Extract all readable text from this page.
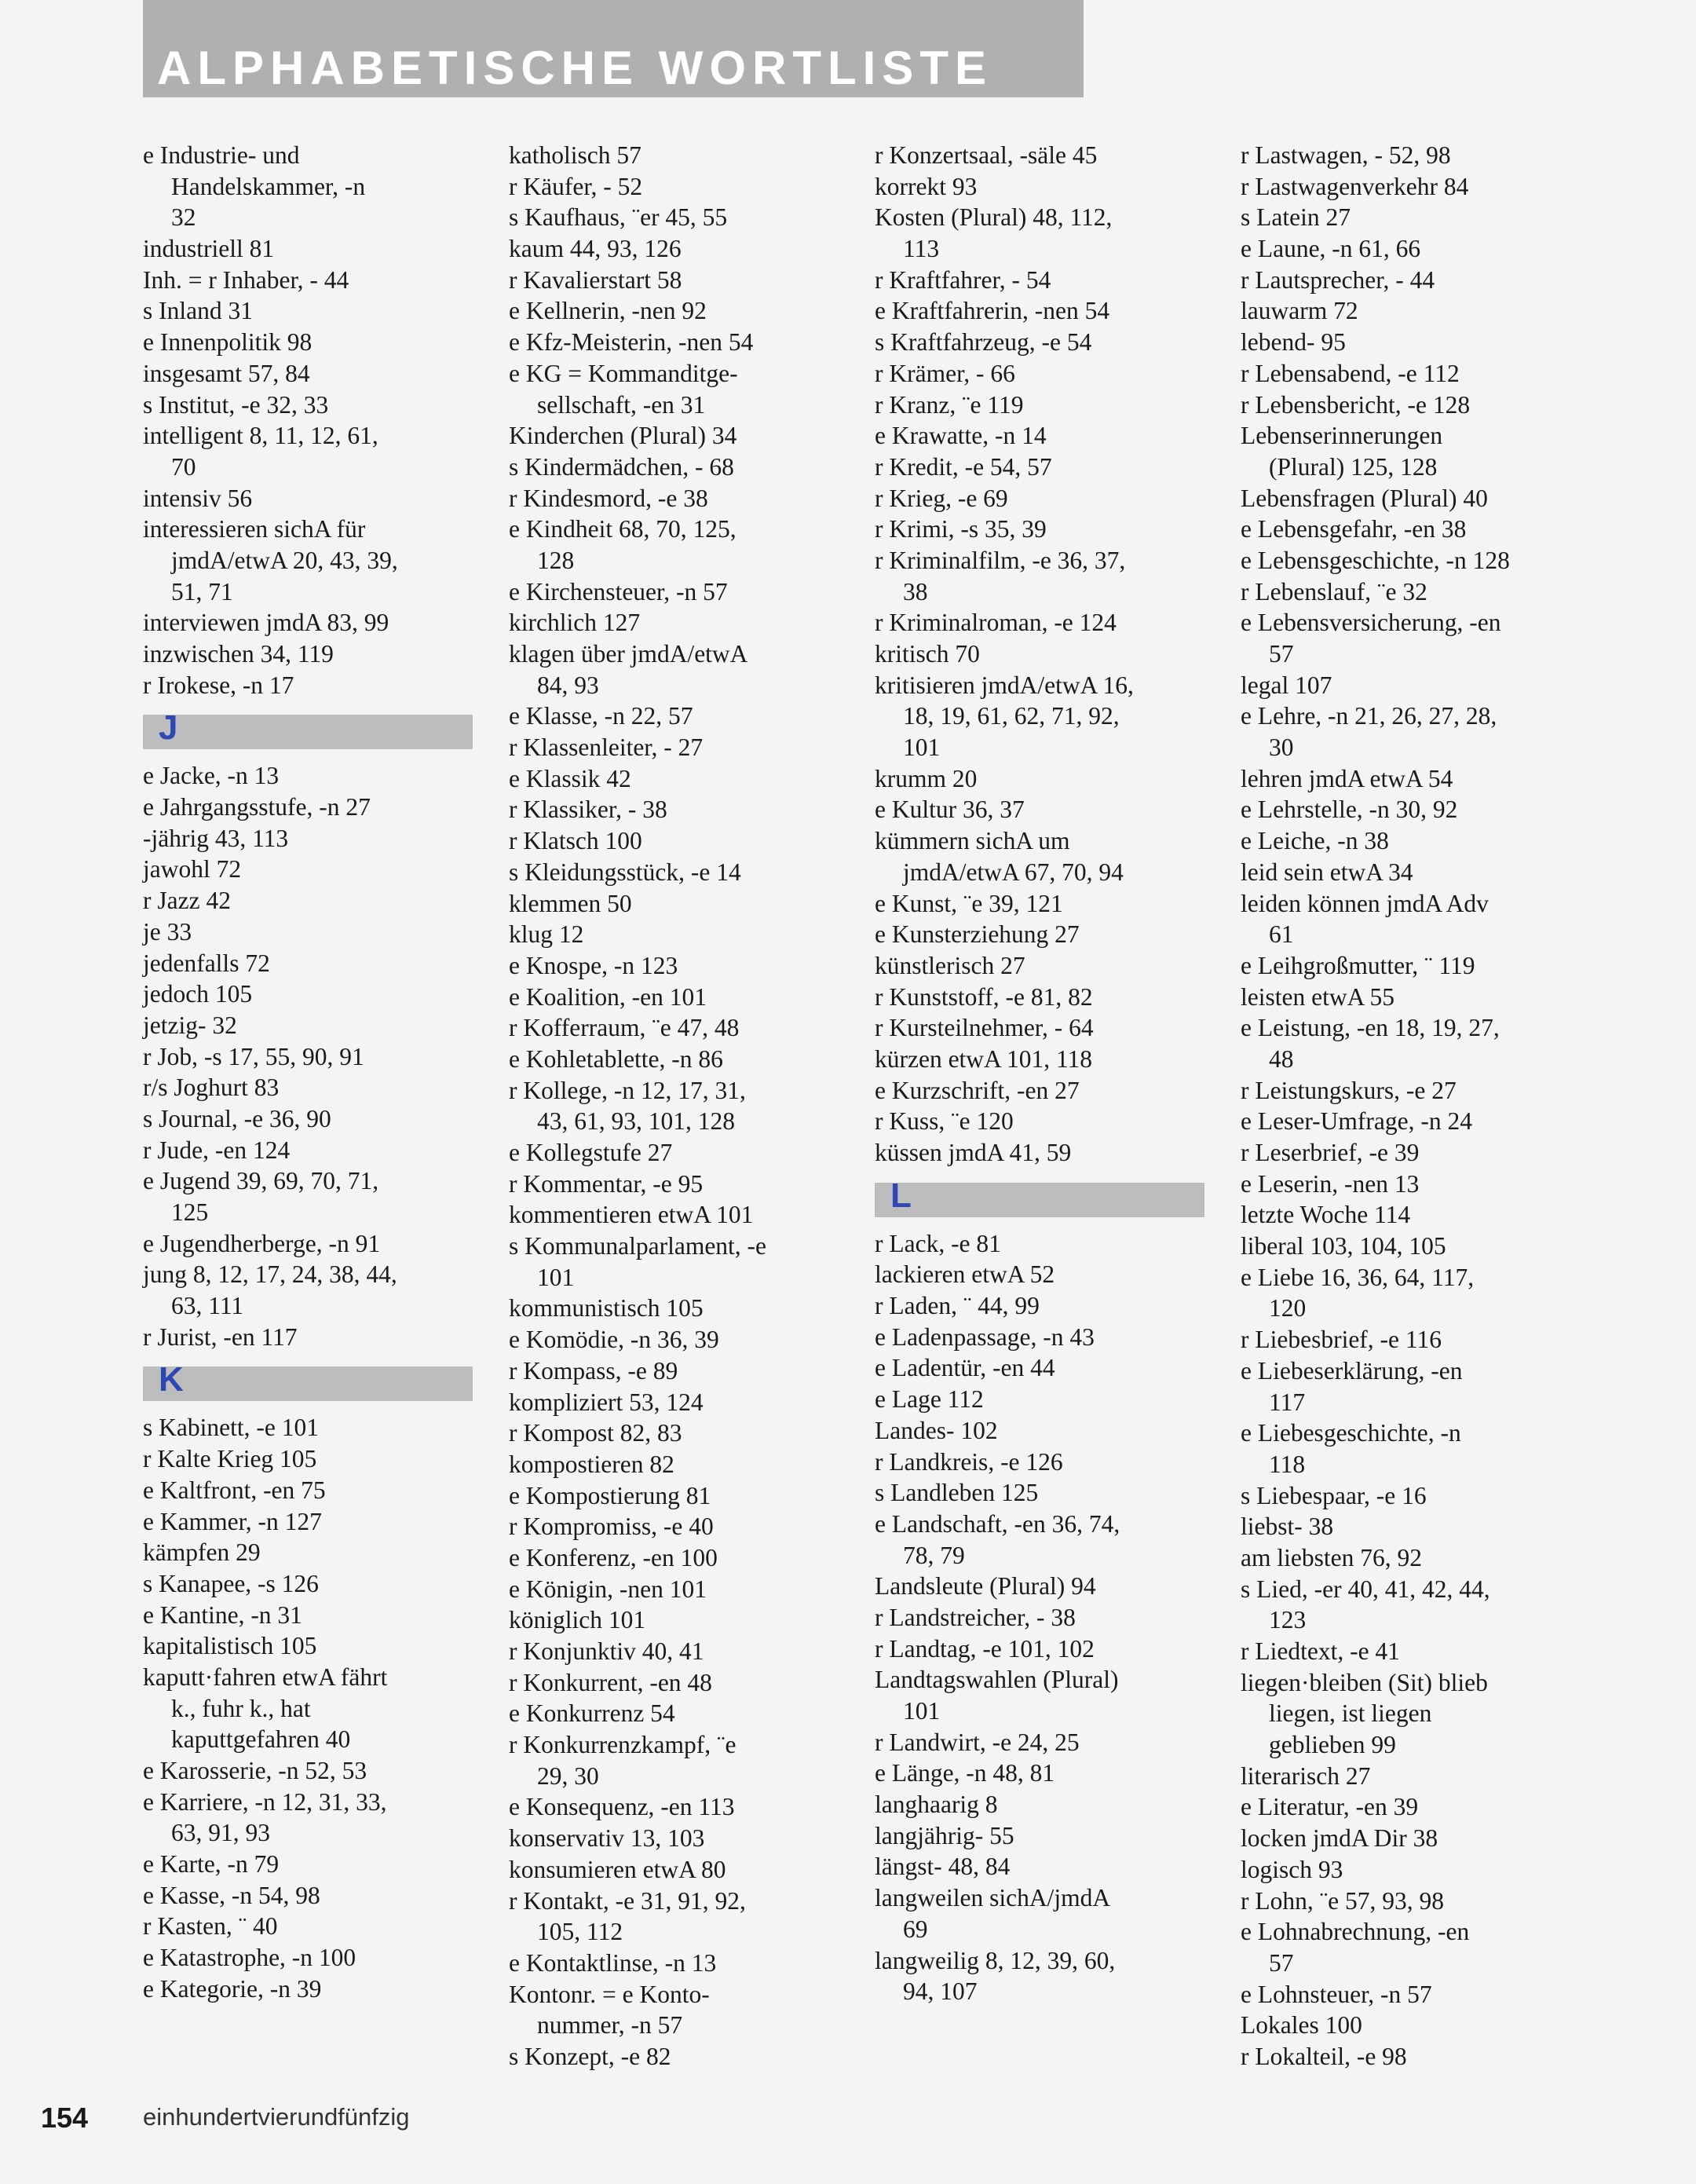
ALPHABETISCHE WORTLISTE
e Industrie- und
Handelskammer, -n
32
industriell 81
Inh. = r Inhaber, - 44
s Inland 31
e Innenpolitik 98
insgesamt 57, 84
s Institut, -e 32, 33
intelligent 8, 11, 12, 61,
70
intensiv 56
interessieren sichA für
jmdA/etwA 20, 43, 39,
51, 71
interviewen jmdA 83, 99
inzwischen 34, 119
r Irokese, -n 17
J
e Jacke, -n 13
e Jahrgangsstufe, -n 27
-jährig 43, 113
jawohl 72
r Jazz 42
je 33
jedenfalls 72
jedoch 105
jetzig- 32
r Job, -s 17, 55, 90, 91
r/s Joghurt 83
s Journal, -e 36, 90
r Jude, -en 124
e Jugend 39, 69, 70, 71,
125
e Jugendherberge, -n 91
jung 8, 12, 17, 24, 38, 44,
63, 111
r Jurist, -en 117
K
s Kabinett, -e 101
r Kalte Krieg 105
e Kaltfront, -en 75
e Kammer, -n 127
kämpfen 29
s Kanapee, -s 126
e Kantine, -n 31
kapitalistisch 105
kaputt·fahren etwA fährt
k., fuhr k., hat
kaputtgefahren 40
e Karosserie, -n 52, 53
e Karriere, -n 12, 31, 33,
63, 91, 93
e Karte, -n 79
e Kasse, -n 54, 98
r Kasten, ¨ 40
e Katastrophe, -n 100
e Kategorie, -n 39
katholisch 57
r Käufer, - 52
s Kaufhaus, ¨er 45, 55
kaum 44, 93, 126
r Kavalierstart 58
e Kellnerin, -nen 92
e Kfz-Meisterin, -nen 54
e KG = Kommanditge-
sellschaft, -en 31
Kinderchen (Plural) 34
s Kindermädchen, - 68
r Kindesmord, -e 38
e Kindheit 68, 70, 125,
128
e Kirchensteuer, -n 57
kirchlich 127
klagen über jmdA/etwA
84, 93
e Klasse, -n 22, 57
r Klassenleiter, - 27
e Klassik 42
r Klassiker, - 38
r Klatsch 100
s Kleidungsstück, -e 14
klemmen 50
klug 12
e Knospe, -n 123
e Koalition, -en 101
r Kofferraum, ¨e 47, 48
e Kohletablette, -n 86
r Kollege, -n 12, 17, 31,
43, 61, 93, 101, 128
e Kollegstufe 27
r Kommentar, -e 95
kommentieren etwA 101
s Kommunalparlament, -e
101
kommunistisch 105
e Komödie, -n 36, 39
r Kompass, -e 89
kompliziert 53, 124
r Kompost 82, 83
kompostieren 82
e Kompostierung 81
r Kompromiss, -e 40
e Konferenz, -en 100
e Königin, -nen 101
königlich 101
r Konjunktiv 40, 41
r Konkurrent, -en 48
e Konkurrenz 54
r Konkurrenzkampf, ¨e
29, 30
e Konsequenz, -en 113
konservativ 13, 103
konsumieren etwA 80
r Kontakt, -e 31, 91, 92,
105, 112
e Kontaktlinse, -n 13
Kontonr. = e Konto-
nummer, -n 57
s Konzept, -e 82
r Konzertsaal, -säle 45
korrekt 93
Kosten (Plural) 48, 112,
113
r Kraftfahrer, - 54
e Kraftfahrerin, -nen 54
s Kraftfahrzeug, -e 54
r Krämer, - 66
r Kranz, ¨e 119
e Krawatte, -n 14
r Kredit, -e 54, 57
r Krieg, -e 69
r Krimi, -s 35, 39
r Kriminalfilm, -e 36, 37,
38
r Kriminalroman, -e 124
kritisch 70
kritisieren jmdA/etwA 16,
18, 19, 61, 62, 71, 92,
101
krumm 20
e Kultur 36, 37
kümmern sichA um
jmdA/etwA 67, 70, 94
e Kunst, ¨e 39, 121
e Kunsterziehung 27
künstlerisch 27
r Kunststoff, -e 81, 82
r Kursteilnehmer, - 64
kürzen etwA 101, 118
e Kurzschrift, -en 27
r Kuss, ¨e 120
küssen jmdA 41, 59
L
r Lack, -e 81
lackieren etwA 52
r Laden, ¨ 44, 99
e Ladenpassage, -n 43
e Ladentür, -en 44
e Lage 112
Landes- 102
r Landkreis, -e 126
s Landleben 125
e Landschaft, -en 36, 74,
78, 79
Landsleute (Plural) 94
r Landstreicher, - 38
r Landtag, -e 101, 102
Landtagswahlen (Plural)
101
r Landwirt, -e 24, 25
e Länge, -n 48, 81
langhaarig 8
langjährig- 55
längst- 48, 84
langweilen sichA/jmdA
69
langweilig 8, 12, 39, 60,
94, 107
r Lastwagen, - 52, 98
r Lastwagenverkehr 84
s Latein 27
e Laune, -n 61, 66
r Lautsprecher, - 44
lauwarm 72
lebend- 95
r Lebensabend, -e 112
r Lebensbericht, -e 128
Lebenserinnerungen
(Plural) 125, 128
Lebensfragen (Plural) 40
e Lebensgefahr, -en 38
e Lebensgeschichte, -n 128
r Lebenslauf, ¨e 32
e Lebensversicherung, -en
57
legal 107
e Lehre, -n 21, 26, 27, 28,
30
lehren jmdA etwA 54
e Lehrstelle, -n 30, 92
e Leiche, -n 38
leid sein etwA 34
leiden können jmdA Adv
61
e Leihgroßmutter, ¨ 119
leisten etwA 55
e Leistung, -en 18, 19, 27,
48
r Leistungskurs, -e 27
e Leser-Umfrage, -n 24
r Leserbrief, -e 39
e Leserin, -nen 13
letzte Woche 114
liberal 103, 104, 105
e Liebe 16, 36, 64, 117,
120
r Liebesbrief, -e 116
e Liebeserklärung, -en
117
e Liebesgeschichte, -n
118
s Liebespaar, -e 16
liebst- 38
am liebsten 76, 92
s Lied, -er 40, 41, 42, 44,
123
r Liedtext, -e 41
liegen·bleiben (Sit) blieb
liegen, ist liegen
geblieben 99
literarisch 27
e Literatur, -en 39
locken jmdA Dir 38
logisch 93
r Lohn, ¨e 57, 93, 98
e Lohnabrechnung, -en
57
e Lohnsteuer, -n 57
Lokales 100
r Lokalteil, -e 98
154 einhundertvierundfünfzig
